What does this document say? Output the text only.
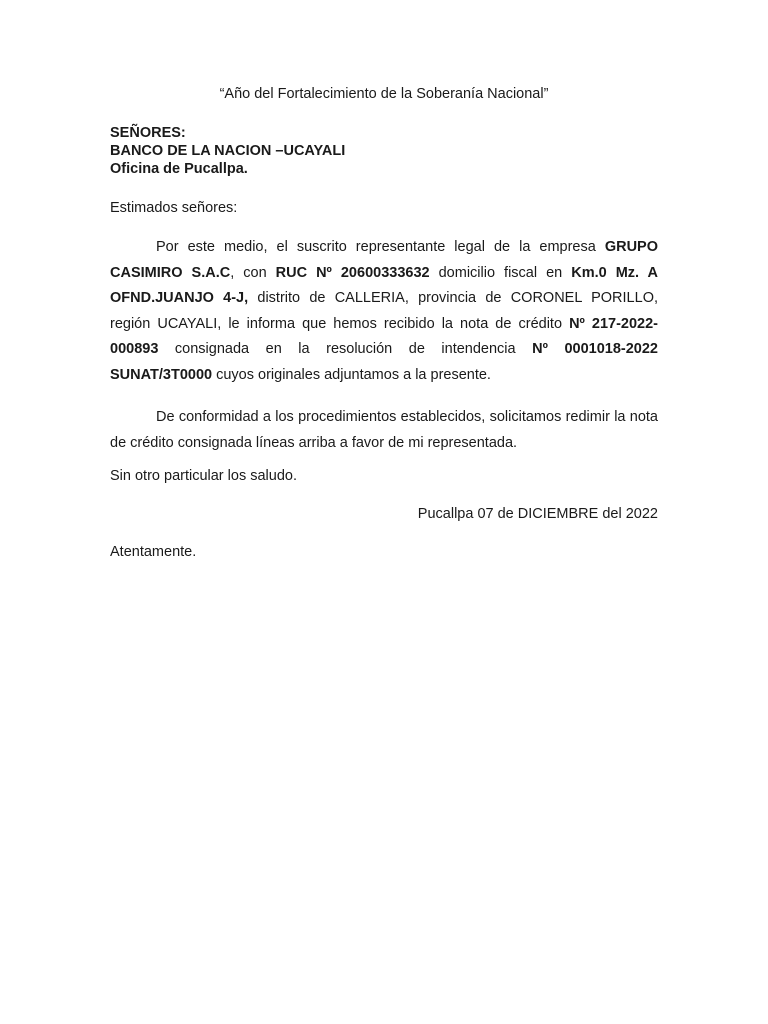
“Año del Fortalecimiento de la Soberanía Nacional”

SEÑORES:
BANCO DE LA NACION –UCAYALI
Oficina de Pucallpa.
Estimados señores:
Por este medio, el suscrito representante legal de la empresa GRUPO CASIMIRO S.A.C, con RUC Nº 20600333632 domicilio fiscal en Km.0 Mz. A OFND.JUANJO 4-J, distrito de CALLERIA, provincia de CORONEL PORILLO, región UCAYALI, le informa que hemos recibido la nota de crédito Nº 217-2022-000893 consignada en la resolución de intendencia Nº 0001018-2022 SUNAT/3T0000 cuyos originales adjuntamos a la presente.
De conformidad a los procedimientos establecidos, solicitamos redimir la nota de crédito consignada líneas arriba a favor de mi representada.
Sin otro particular los saludo.
Pucallpa 07 de DICIEMBRE del 2022
Atentamente.
